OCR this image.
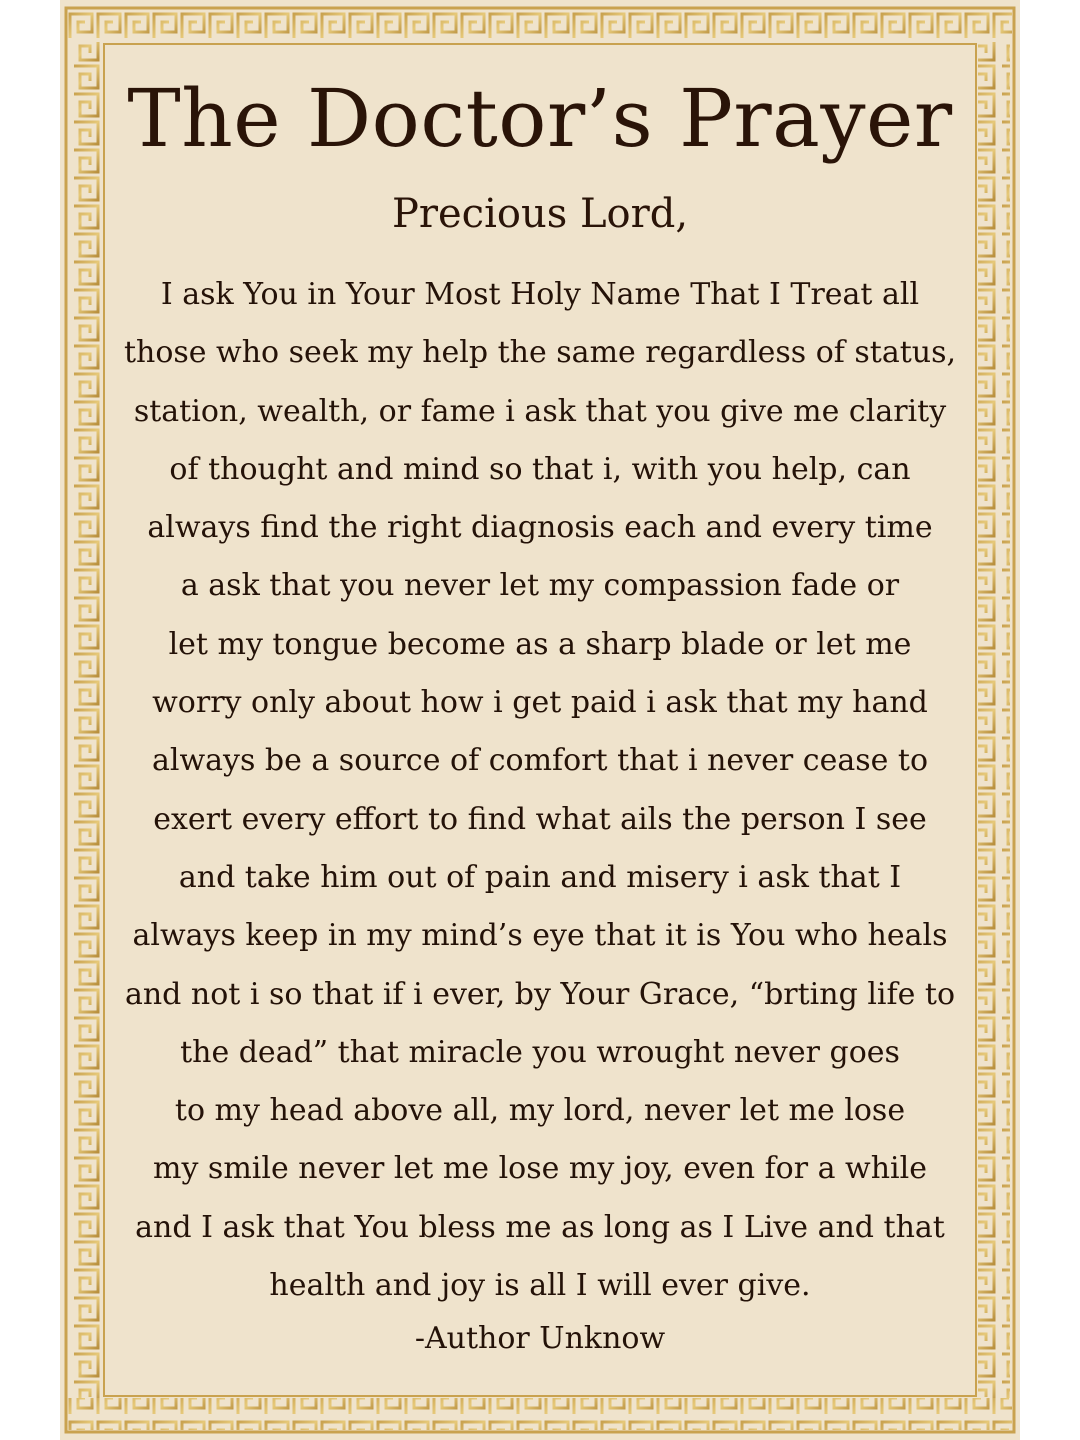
The Doctor’s Prayer
Precious Lord,
I ask You in Your Most Holy Name That I Treat all
those who seek my help the same regardless of status,
station, wealth, or fame i ask that you give me clarity
of thought and mind so that i, with you help, can
always find the right diagnosis each and every time
a ask that you never let my compassion fade or
let my tongue become as a sharp blade or let me
worry only about how i get paid i ask that my hand
always be a source of comfort that i never cease to
exert every effort to find what ails the person I see
and take him out of pain and misery i ask that I
always keep in my mind’s eye that it is You who heals
and not i so that if i ever, by Your Grace, “brting life to
the dead” that miracle you wrought never goes
to my head above all, my lord, never let me lose
my smile never let me lose my joy, even for a while
and I ask that You bless me as long as I Live and that
health and joy is all I will ever give.
-Author Unknow
